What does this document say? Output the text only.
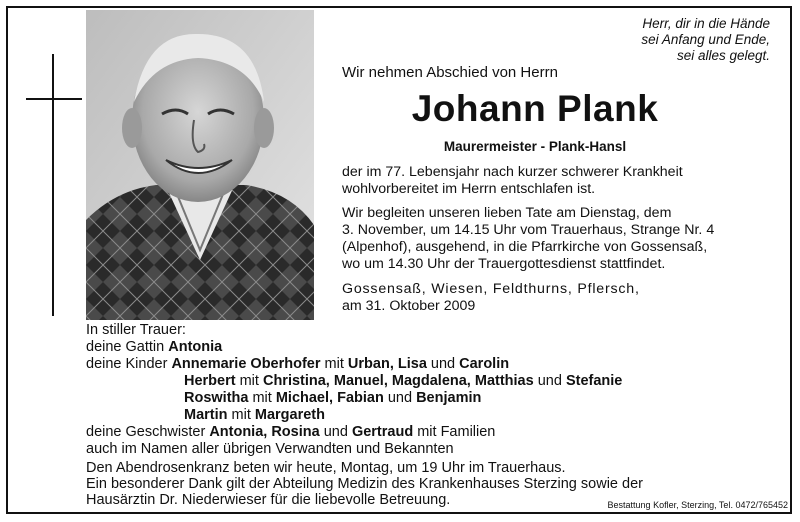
Herr, dir in die Hände
sei Anfang und Ende,
sei alles gelegt.
Wir nehmen Abschied von Herrn
Johann Plank
Maurermeister - Plank-Hansl
der im 77. Lebensjahr nach kurzer schwerer Krankheit
wohlvorbereitet im Herrn entschlafen ist.
Wir begleiten unseren lieben Tate am Dienstag, dem
3. November, um 14.15 Uhr vom Trauerhaus, Strange Nr. 4
(Alpenhof), ausgehend, in die Pfarrkirche von Gossensaß,
wo um 14.30 Uhr der Trauergottesdienst stattfindet.
Gossensaß, Wiesen, Feldthurns, Pflersch,
am 31. Oktober 2009
In stiller Trauer:
deine Gattin Antonia
deine Kinder Annemarie Oberhofer mit Urban, Lisa und Carolin
Herbert mit Christina, Manuel, Magdalena, Matthias und Stefanie
Roswitha mit Michael, Fabian und Benjamin
Martin mit Margareth
deine Geschwister Antonia, Rosina und Gertraud mit Familien
auch im Namen aller übrigen Verwandten und Bekannten
Den Abendrosenkranz beten wir heute, Montag, um 19 Uhr im Trauerhaus.
Ein besonderer Dank gilt der Abteilung Medizin des Krankenhauses Sterzing sowie der
Hausärztin Dr. Niederwieser für die liebevolle Betreuung.	Bestattung Kofler, Sterzing, Tel. 0472/765452
